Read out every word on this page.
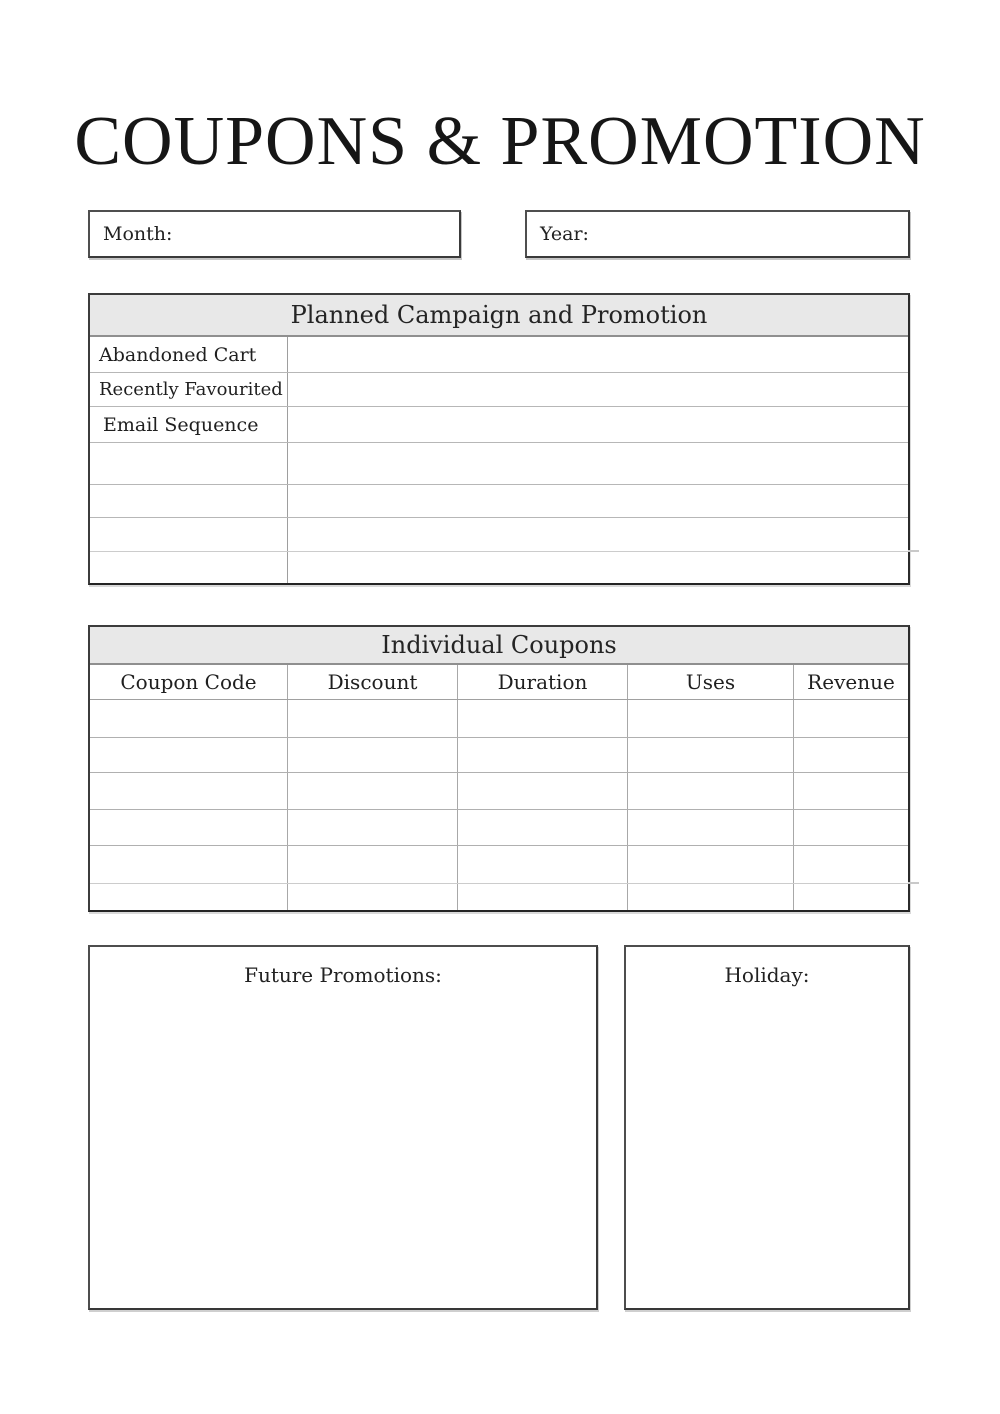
COUPONS & PROMOTION
Month:	Year:
Planned Campaign and Promotion
Abandoned Cart
Recently Favourited
Email Sequence
Individual Coupons
Coupon Code	Discount	Duration	Uses	Revenue
Future Promotions:	Holiday:
